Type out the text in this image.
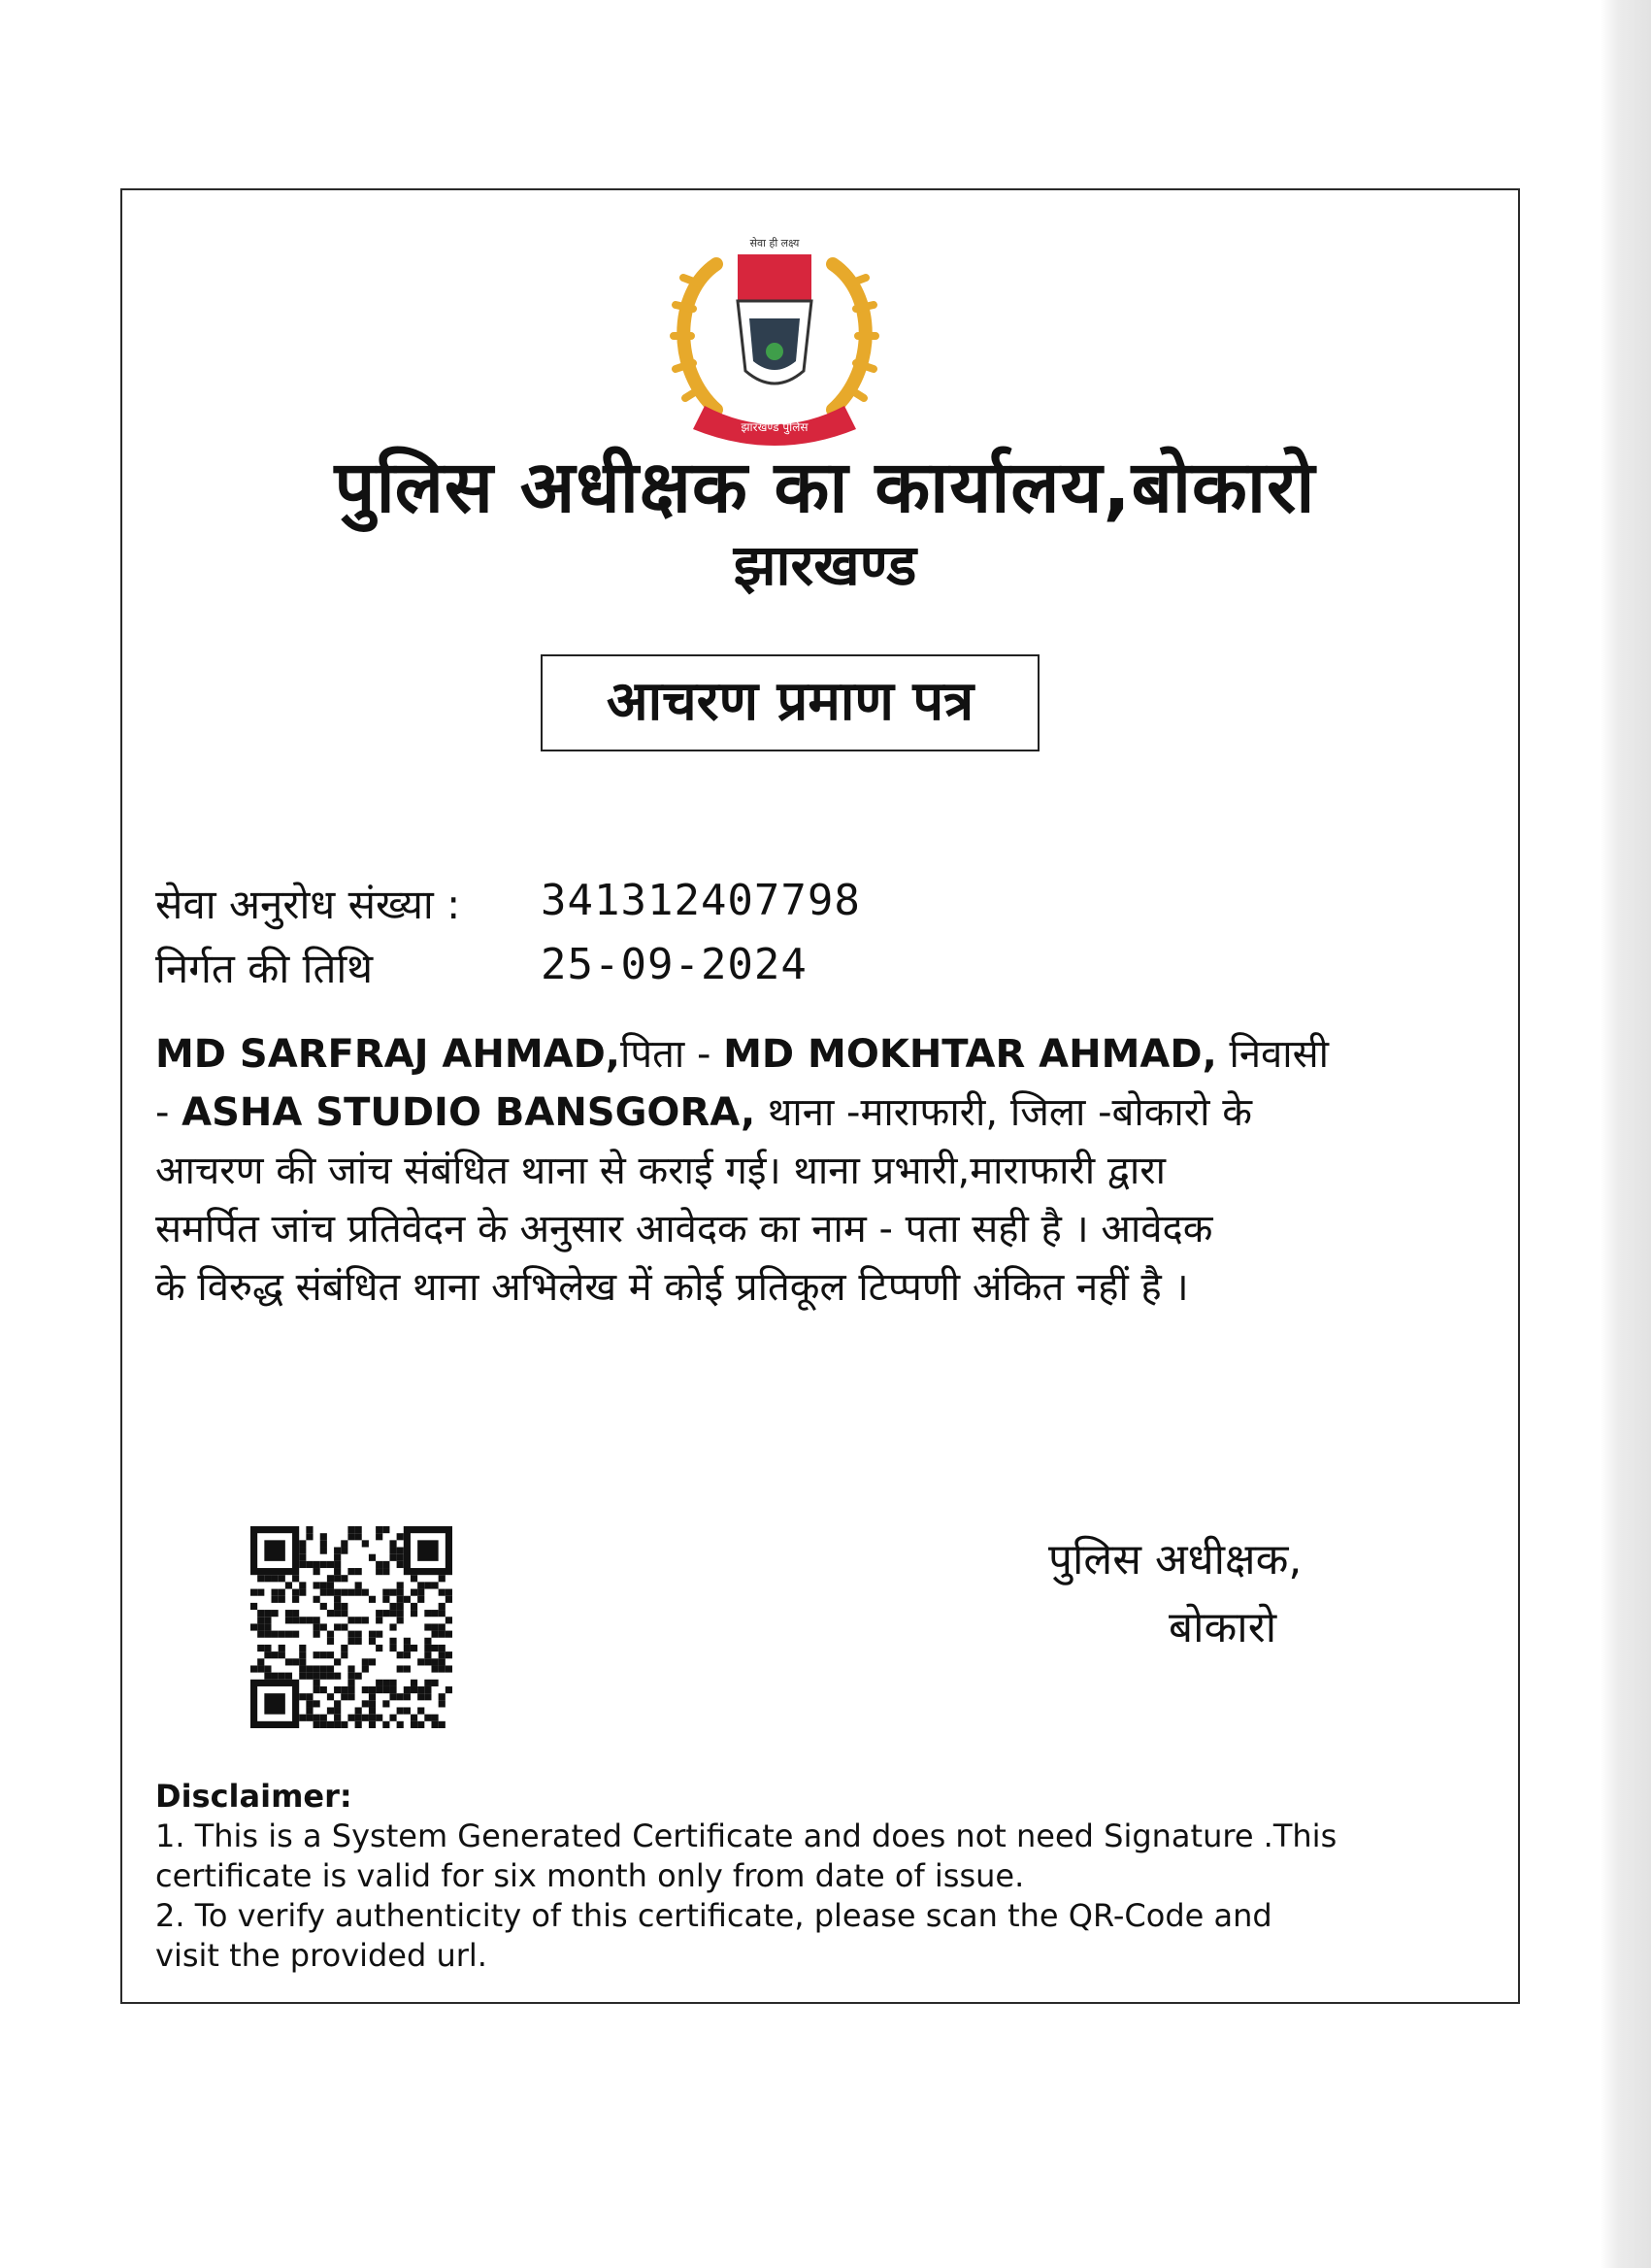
सेवा ही लक्ष्य
झारखण्ड पुलिस
पुलिस अधीक्षक का कार्यालय,बोकारो
झारखण्ड
आचरण प्रमाण पत्र
सेवा अनुरोध संख्या : 341312407798
निर्गत की तिथि	25-09-2024

MD SARFRAJ AHMAD,पिता - MD MOKHTAR AHMAD, निवासी

- ASHA STUDIO BANSGORA, थाना -माराफारी, जिला -बोकारो के

आचरण की जांच संबंधित थाना से कराई गई। थाना प्रभारी,माराफारी द्वारा

समर्पित जांच प्रतिवेदन के अनुसार आवेदक का नाम - पता सही है । आवेदक

के विरुद्ध संबंधित थाना अभिलेख में कोई प्रतिकूल टिप्पणी अंकित नहीं है ।

पुलिस अधीक्षक,
बोकारो
Disclaimer:
1. This is a System Generated Certificate and does not need Signature .This
certificate is valid for six month only from date of issue.
2. To verify authenticity of this certificate, please scan the QR-Code and
visit the provided url.
